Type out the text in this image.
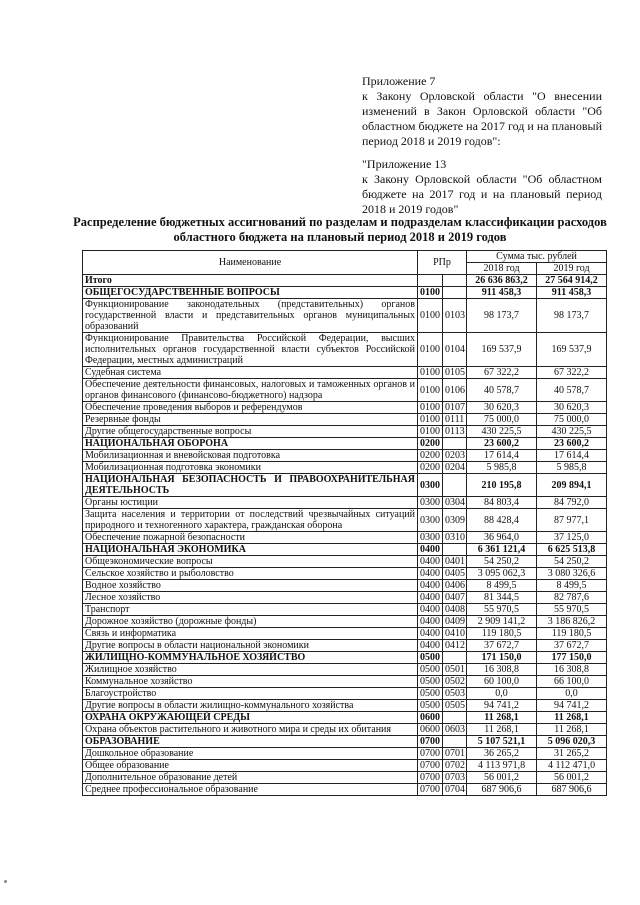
Приложение 7

к Закону Орловской области "О внесении изменений в Закон Орловской области "Об областном бюджете на 2017 год и на плановый период 2018 и 2019 годов":

"Приложение 13

к Закону Орловской области "Об областном бюджете на 2017 год и на плановый период 2018 и 2019 годов"

Распределение бюджетных ассигнований по разделам и подразделам классификации расходов областного бюджета на плановый период 2018 и 2019 годов
Наименование	РПр		Сумма тыс. рублей	
			2018 год	2019 год
Итого			26 636 863,2	27 564 914,2
ОБЩЕГОСУДАРСТВЕННЫЕ ВОПРОСЫ	0100		911 458,3	911 458,3
Функционирование законодательных (представительных) органов государственной власти и представительных органов муниципальных образований	0100	0103	98 173,7	98 173,7
Функционирование Правительства Российской Федерации, высших исполнительных органов государственной власти субъектов Российской Федерации, местных администраций	0100	0104	169 537,9	169 537,9
Судебная система	0100	0105	67 322,2	67 322,2
Обеспечение деятельности финансовых, налоговых и таможенных органов и органов финансового (финансово-бюджетного) надзора	0100	0106	40 578,7	40 578,7
Обеспечение проведения выборов и референдумов	0100	0107	30 620,3	30 620,3
Резервные фонды	0100	0111	75 000,0	75 000,0
Другие общегосударственные вопросы	0100	0113	430 225,5	430 225,5
НАЦИОНАЛЬНАЯ ОБОРОНА	0200		23 600,2	23 600,2
Мобилизационная и вневойсковая подготовка	0200	0203	17 614,4	17 614,4
Мобилизационная подготовка экономики	0200	0204	5 985,8	5 985,8
НАЦИОНАЛЬНАЯ БЕЗОПАСНОСТЬ И ПРАВООХРАНИТЕЛЬНАЯ ДЕЯТЕЛЬНОСТЬ	0300		210 195,8	209 894,1
Органы юстиции	0300	0304	84 803,4	84 792,0
Защита населения и территории от последствий чрезвычайных ситуаций природного и техногенного характера, гражданская оборона	0300	0309	88 428,4	87 977,1
Обеспечение пожарной безопасности	0300	0310	36 964,0	37 125,0
НАЦИОНАЛЬНАЯ ЭКОНОМИКА	0400		6 361 121,4	6 625 513,8
Общеэкономические вопросы	0400	0401	54 250,2	54 250,2
Сельское хозяйство и рыболовство	0400	0405	3 095 062,3	3 080 326,6
Водное хозяйство	0400	0406	8 499,5	8 499,5
Лесное хозяйство	0400	0407	81 344,5	82 787,6
Транспорт	0400	0408	55 970,5	55 970,5
Дорожное хозяйство (дорожные фонды)	0400	0409	2 909 141,2	3 186 826,2
Связь и информатика	0400	0410	119 180,5	119 180,5
Другие вопросы в области национальной экономики	0400	0412	37 672,7	37 672,7
ЖИЛИЩНО-КОММУНАЛЬНОЕ ХОЗЯЙСТВО	0500		171 150,0	177 150,0
Жилищное хозяйство	0500	0501	16 308,8	16 308,8
Коммунальное хозяйство	0500	0502	60 100,0	66 100,0
Благоустройство	0500	0503	0,0	0,0
Другие вопросы в области жилищно-коммунального хозяйства	0500	0505	94 741,2	94 741,2
ОХРАНА ОКРУЖАЮЩЕЙ СРЕДЫ	0600		11 268,1	11 268,1
Охрана объектов растительного и животного мира и среды их обитания	0600	0603	11 268,1	11 268,1
ОБРАЗОВАНИЕ	0700		5 107 521,1	5 096 020,3
Дошкольное образование	0700	0701	36 265,2	31 265,2
Общее образование	0700	0702	4 113 971,8	4 112 471,0
Дополнительное образование детей	0700	0703	56 001,2	56 001,2
Среднее профессиональное образование	0700	0704	687 906,6	687 906,6
